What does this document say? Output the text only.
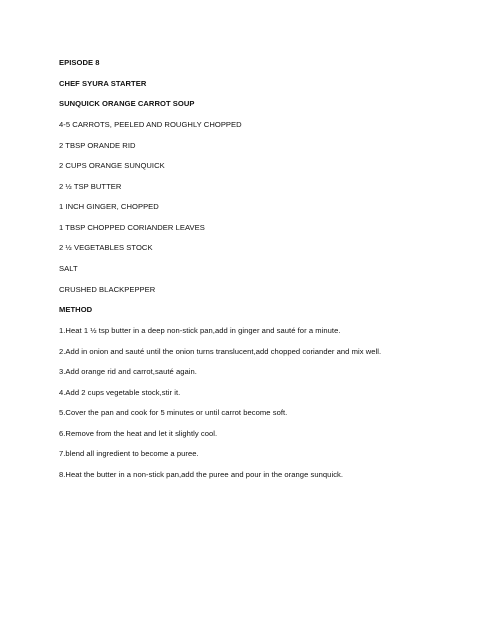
EPISODE 8
CHEF SYURA STARTER
SUNQUICK ORANGE CARROT SOUP
4-5 CARROTS, PEELED AND ROUGHLY CHOPPED
2 TBSP ORANDE RID
2 CUPS ORANGE SUNQUICK
2 ½ TSP BUTTER
1 INCH GINGER, CHOPPED
1 TBSP CHOPPED CORIANDER LEAVES
2 ½ VEGETABLES STOCK
SALT
CRUSHED BLACKPEPPER
METHOD
1.Heat 1 ½ tsp butter in a deep non-stick pan,add in ginger and sauté for a minute.
2.Add in onion and sauté until the onion turns translucent,add chopped coriander and mix well.
3.Add orange rid and carrot,sauté again.
4.Add 2 cups vegetable stock,stir it.
5.Cover the pan and cook for 5 minutes or until carrot become soft.
6.Remove from the heat and let it slightly cool.
7.blend all ingredient to become a puree.
8.Heat the butter in a non-stick pan,add the puree and pour in the orange sunquick.
